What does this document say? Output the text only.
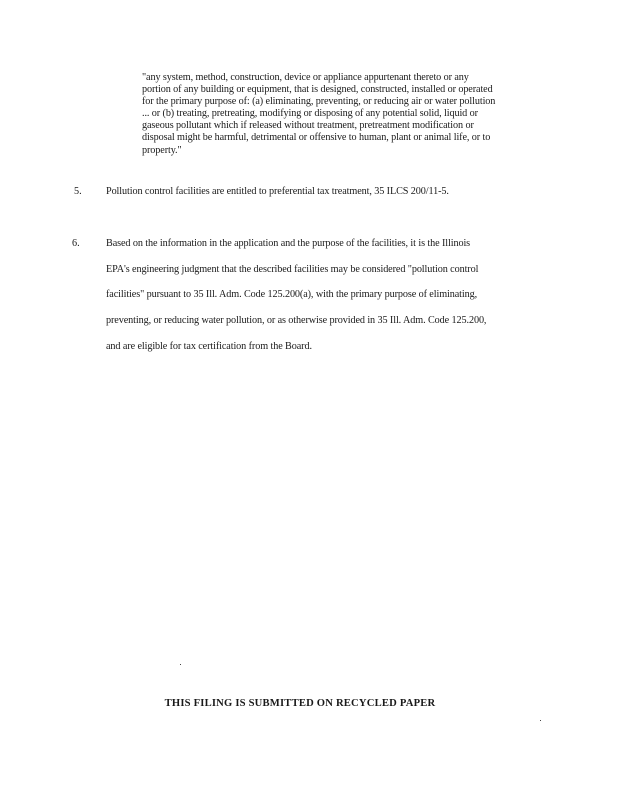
"any system, method, construction, device or appliance appurtenant thereto or any
portion of any building or equipment, that is designed, constructed, installed or operated
for the primary purpose of: (a) eliminating, preventing, or reducing air or water pollution
... or (b) treating, pretreating, modifying or disposing of any potential solid, liquid or
gaseous pollutant which if released without treatment, pretreatment modification or
disposal might be harmful, detrimental or offensive to human, plant or animal life, or to
property."
5. Pollution control facilities are entitled to preferential tax treatment, 35 ILCS 200/11-5.
6.	Based on the information in the application and the purpose of the facilities, it is the Illinois
EPA's engineering judgment that the described facilities may be considered "pollution control
facilities" pursuant to 35 Ill. Adm. Code 125.200(a), with the primary purpose of eliminating,
preventing, or reducing water pollution, or as otherwise provided in 35 Ill. Adm. Code 125.200,
and are eligible for tax certification from the Board.
THIS FILING IS SUBMITTED ON RECYCLED PAPER
